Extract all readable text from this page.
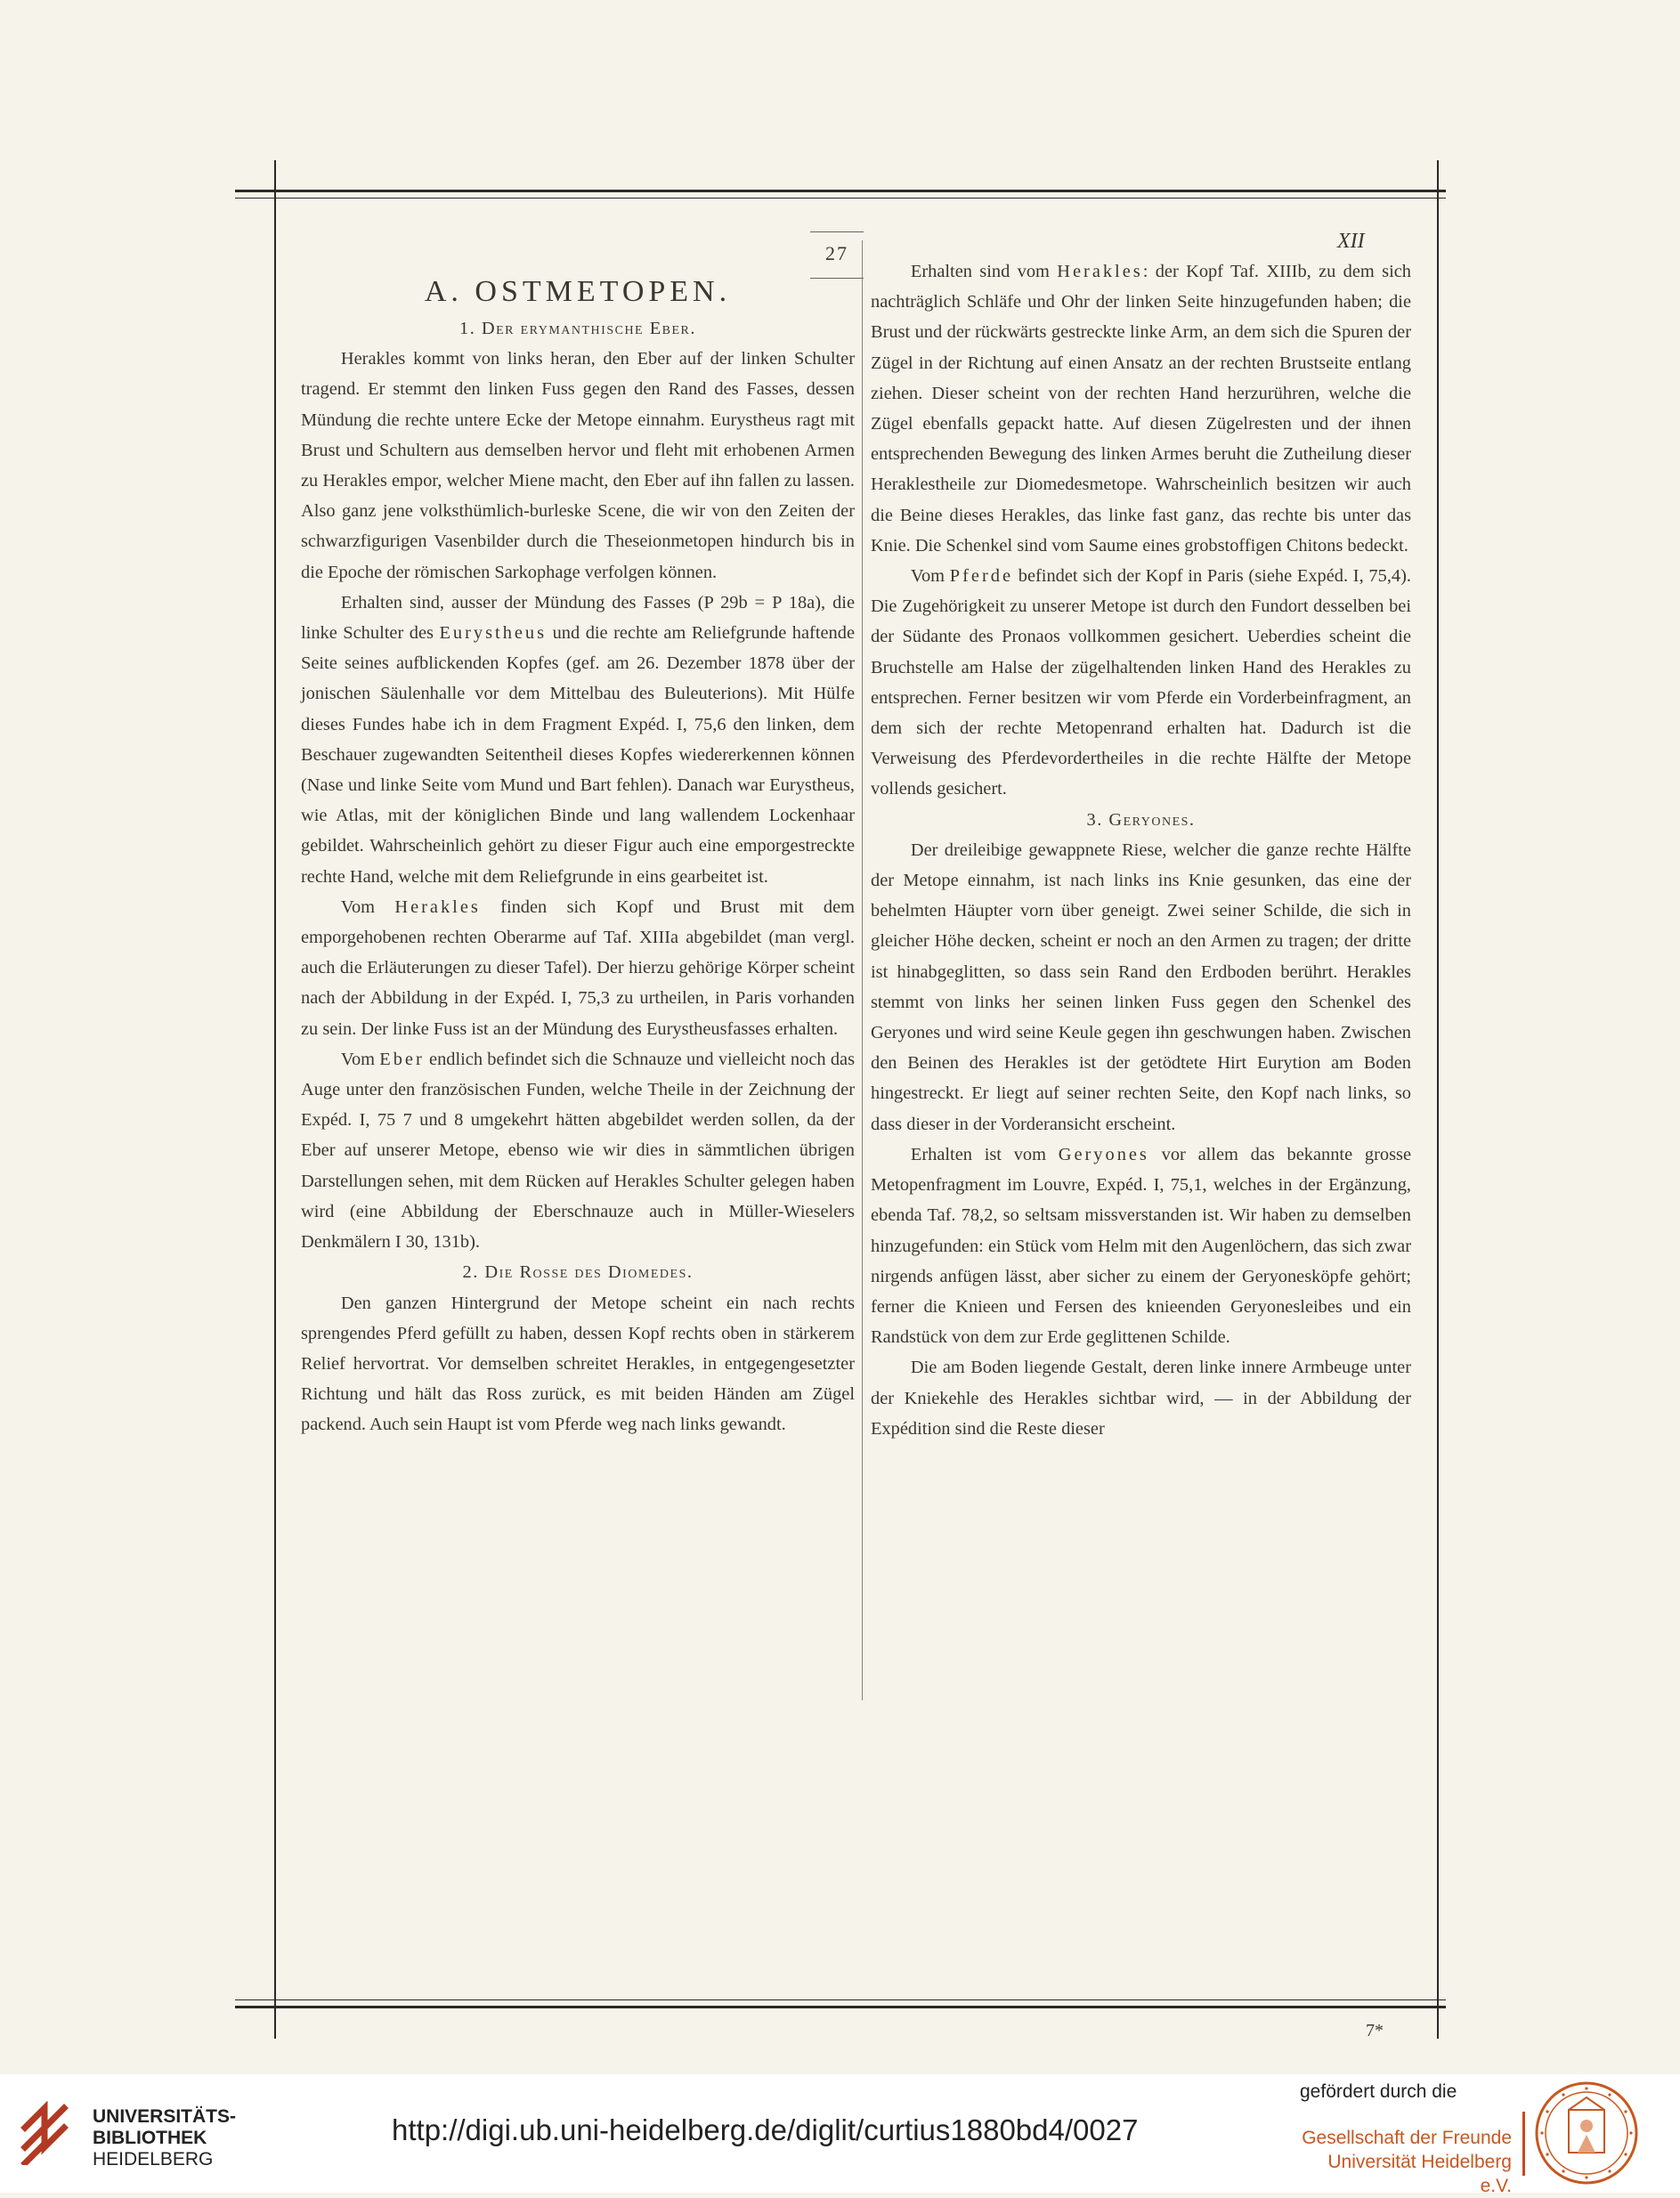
27
XII
7*
A. OSTMETOPEN.
1. Der erymanthische Eber.

Herakles kommt von links heran, den Eber auf der linken Schulter tragend. Er stemmt den linken Fuss gegen den Rand des Fasses, dessen Mündung die rechte untere Ecke der Metope einnahm. Eurystheus ragt mit Brust und Schultern aus demselben hervor und fleht mit erhobenen Armen zu Herakles empor, welcher Miene macht, den Eber auf ihn fallen zu lassen. Also ganz jene volksthümlich-burleske Scene, die wir von den Zeiten der schwarzfigurigen Vasenbilder durch die Theseionmetopen hindurch bis in die Epoche der römischen Sarkophage verfolgen können.

Erhalten sind, ausser der Mündung des Fasses (P 29b = P 18a), die linke Schulter des Eurystheus und die rechte am Reliefgrunde haftende Seite seines aufblickenden Kopfes (gef. am 26. Dezember 1878 über der jonischen Säulenhalle vor dem Mittelbau des Buleuterions). Mit Hülfe dieses Fundes habe ich in dem Fragment Expéd. I, 75,6 den linken, dem Beschauer zugewandten Seitentheil dieses Kopfes wiedererkennen können (Nase und linke Seite vom Mund und Bart fehlen). Danach war Eurystheus, wie Atlas, mit der königlichen Binde und lang wallendem Lockenhaar gebildet. Wahrscheinlich gehört zu dieser Figur auch eine emporgestreckte rechte Hand, welche mit dem Reliefgrunde in eins gearbeitet ist.

Vom Herakles finden sich Kopf und Brust mit dem emporgehobenen rechten Oberarme auf Taf. XIIIa abgebildet (man vergl. auch die Erläuterungen zu dieser Tafel). Der hierzu gehörige Körper scheint nach der Abbildung in der Expéd. I, 75,3 zu urtheilen, in Paris vorhanden zu sein. Der linke Fuss ist an der Mündung des Eurystheusfasses erhalten.

Vom Eber endlich befindet sich die Schnauze und vielleicht noch das Auge unter den französischen Funden, welche Theile in der Zeichnung der Expéd. I, 75 7 und 8 umgekehrt hätten abgebildet werden sollen, da der Eber auf unserer Metope, ebenso wie wir dies in sämmtlichen übrigen Darstellungen sehen, mit dem Rücken auf Herakles Schulter gelegen haben wird (eine Abbildung der Eberschnauze auch in Müller-Wieselers Denkmälern I 30, 131b).

2. Die Rosse des Diomedes.

Den ganzen Hintergrund der Metope scheint ein nach rechts sprengendes Pferd gefüllt zu haben, dessen Kopf rechts oben in stärkerem Relief hervortrat. Vor demselben schreitet Herakles, in entgegengesetzter Richtung und hält das Ross zurück, es mit beiden Händen am Zügel packend. Auch sein Haupt ist vom Pferde weg nach links gewandt.

Erhalten sind vom Herakles: der Kopf Taf. XIIIb, zu dem sich nachträglich Schläfe und Ohr der linken Seite hinzugefunden haben; die Brust und der rückwärts gestreckte linke Arm, an dem sich die Spuren der Zügel in der Richtung auf einen Ansatz an der rechten Brustseite entlang ziehen. Dieser scheint von der rechten Hand herzurühren, welche die Zügel ebenfalls gepackt hatte. Auf diesen Zügelresten und der ihnen entsprechenden Bewegung des linken Armes beruht die Zutheilung dieser Heraklestheile zur Diomedesmetope. Wahrscheinlich besitzen wir auch die Beine dieses Herakles, das linke fast ganz, das rechte bis unter das Knie. Die Schenkel sind vom Saume eines grobstoffigen Chitons bedeckt.

Vom Pferde befindet sich der Kopf in Paris (siehe Expéd. I, 75,4). Die Zugehörigkeit zu unserer Metope ist durch den Fundort desselben bei der Südante des Pronaos vollkommen gesichert. Ueberdies scheint die Bruchstelle am Halse der zügelhaltenden linken Hand des Herakles zu entsprechen. Ferner besitzen wir vom Pferde ein Vorderbeinfragment, an dem sich der rechte Metopenrand erhalten hat. Dadurch ist die Verweisung des Pferdevordertheiles in die rechte Hälfte der Metope vollends gesichert.

3. Geryones.

Der dreileibige gewappnete Riese, welcher die ganze rechte Hälfte der Metope einnahm, ist nach links ins Knie gesunken, das eine der behelmten Häupter vorn über geneigt. Zwei seiner Schilde, die sich in gleicher Höhe decken, scheint er noch an den Armen zu tragen; der dritte ist hinabgeglitten, so dass sein Rand den Erdboden berührt. Herakles stemmt von links her seinen linken Fuss gegen den Schenkel des Geryones und wird seine Keule gegen ihn geschwungen haben. Zwischen den Beinen des Herakles ist der getödtete Hirt Eurytion am Boden hingestreckt. Er liegt auf seiner rechten Seite, den Kopf nach links, so dass dieser in der Vorderansicht erscheint.

Erhalten ist vom Geryones vor allem das bekannte grosse Metopenfragment im Louvre, Expéd. I, 75,1, welches in der Ergänzung, ebenda Taf. 78,2, so seltsam missverstanden ist. Wir haben zu demselben hinzugefunden: ein Stück vom Helm mit den Augenlöchern, das sich zwar nirgends anfügen lässt, aber sicher zu einem der Geryonesköpfe gehört; ferner die Knieen und Fersen des knieenden Geryonesleibes und ein Randstück von dem zur Erde geglittenen Schilde.

Die am Boden liegende Gestalt, deren linke innere Armbeuge unter der Kniekehle des Herakles sichtbar wird, — in der Abbildung der Expédition sind die Reste dieser

UNIVERSITÄTS-
BIBLIOTHEK
HEIDELBERG
http://digi.ub.uni-heidelberg.de/diglit/curtius1880bd4/0027
gefördert durch die
Gesellschaft der Freunde
Universität Heidelberg e.V.
